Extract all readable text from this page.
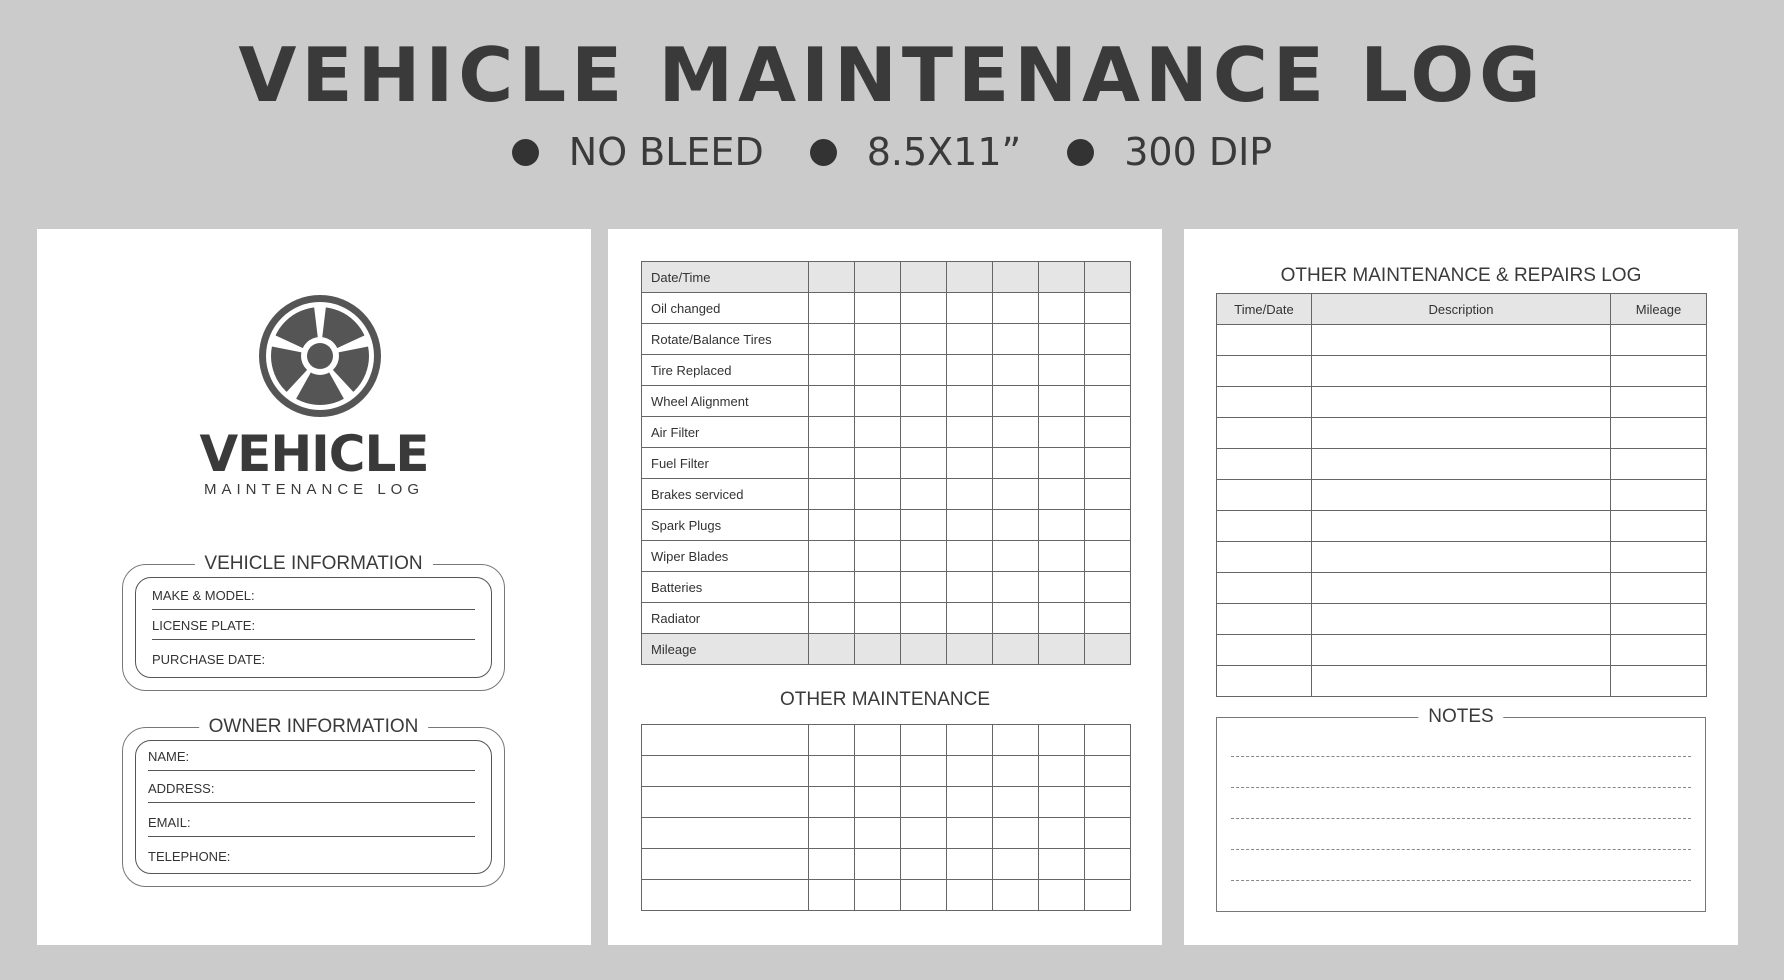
VEHICLE MAINTENANCE LOG
NO BLEED	8.5X11”	300 DIP
VEHICLE
MAINTENANCE LOG
VEHICLE INFORMATION
MAKE & MODEL:
LICENSE PLATE:
PURCHASE DATE:
OWNER INFORMATION
NAME:
ADDRESS:
EMAIL:
TELEPHONE:
Date/Time							
Oil changed							
Rotate/Balance Tires							
Tire Replaced							
Wheel Alignment							
Air Filter							
Fuel Filter							
Brakes serviced							
Spark Plugs							
Wiper Blades							
Batteries							
Radiator							
Mileage							
OTHER MAINTENANCE

OTHER MAINTENANCE & REPAIRS LOG
Time/Date	Description	Mileage

NOTES
